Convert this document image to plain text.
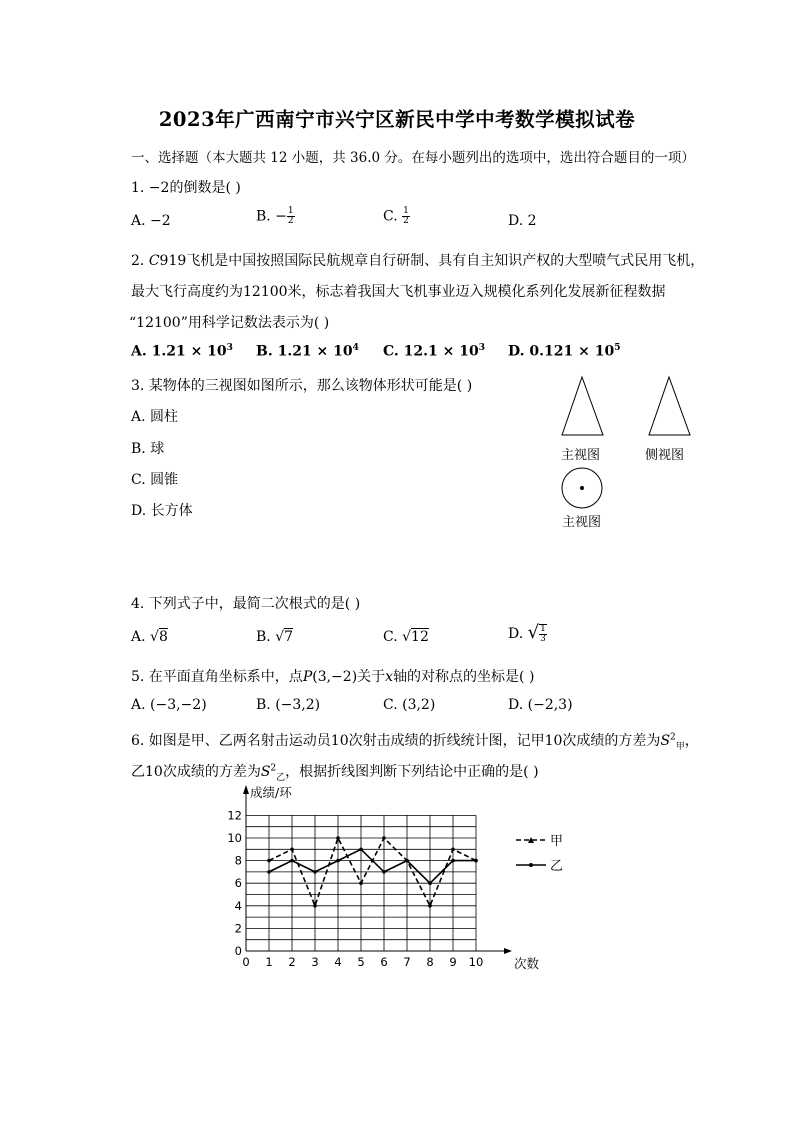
2023年广西南宁市兴宁区新民中学中考数学模拟试卷
一、选择题（本大题共 12 小题，共 36.0 分。在每小题列出的选项中，选出符合题目的一项）
1. −2的倒数是( )
A. −2	B. − $\frac{1}{2}$	C. $\frac{1}{2}$	D. 2
2. C919飞机是中国按照国际民航规章自行研制、具有自主知识产权的大型喷气式民用飞机，
最大飞行高度约为12100米，标志着我国大飞机事业迈入规模化系列化发展新征程数据
“12100”用科学记数法表示为( )
A. $1.21 \times 10^3$ B. $1.21 \times 10^4$ C. $12.1 \times 10^3$ D. $0.121 \times 10^5$
3. 某物体的三视图如图所示，那么该物体形状可能是( )
A. 圆柱
B. 球
C. 圆锥
D. 长方体
主视图	侧视图
主视图
4. 下列式子中，最简二次根式的是( )
A. √8	B. √7	C. √12	D. √ $\frac{1}{3}$
5. 在平面直角坐标系中，点P(3,−2)关于x轴的对称点的坐标是( )
A. (−3,−2)	B. (−3,2)	C. (3,2)	D. (−2,3)
6. 如图是甲、乙两名射击运动员10次射击成绩的折线统计图，记甲10次成绩的方差为$S^2_甲$，
乙10次成绩的方差为$S^2_乙$，根据折线图判断下列结论中正确的是( )
0
2
4
6
8
10
12
0 1 2 3 4 5 6 7 8 9 10
成绩/环
次数
甲
乙
